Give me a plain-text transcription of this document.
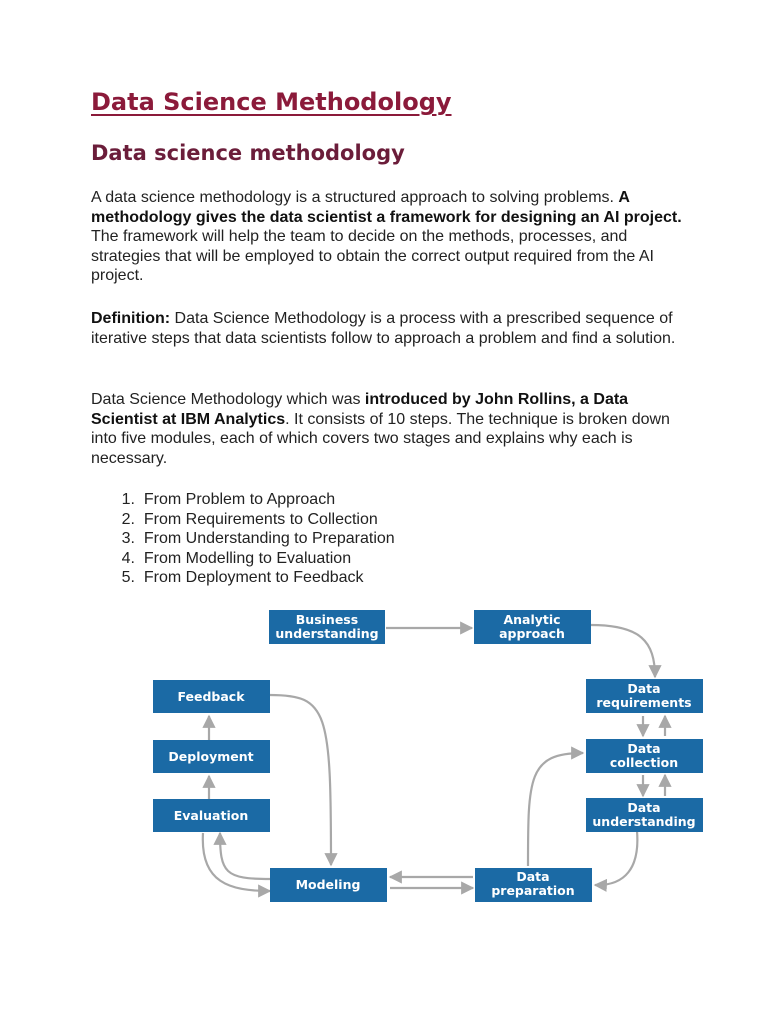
Data Science Methodology
Data science methodology

A data science methodology is a structured approach to solving problems. A methodology gives the data scientist a framework for designing an AI project. The framework will help the team to decide on the methods, processes, and strategies that will be employed to obtain the correct output required from the AI project.

Definition: Data Science Methodology is a process with a prescribed sequence of iterative steps that data scientists follow to approach a problem and find a solution.

Data Science Methodology which was introduced by John Rollins, a Data Scientist at IBM Analytics. It consists of 10 steps. The technique is broken down into five modules, each of which covers two stages and explains why each is necessary.

1. From Problem to Approach
2. From Requirements to Collection
3. From Understanding to Preparation
4. From Modelling to Evaluation
5. From Deployment to Feedback
Business
understanding
Analytic
approach
Data
requirements
Data
collection
Data
understanding
Data
preparation
Modeling
Evaluation
Deployment
Feedback
